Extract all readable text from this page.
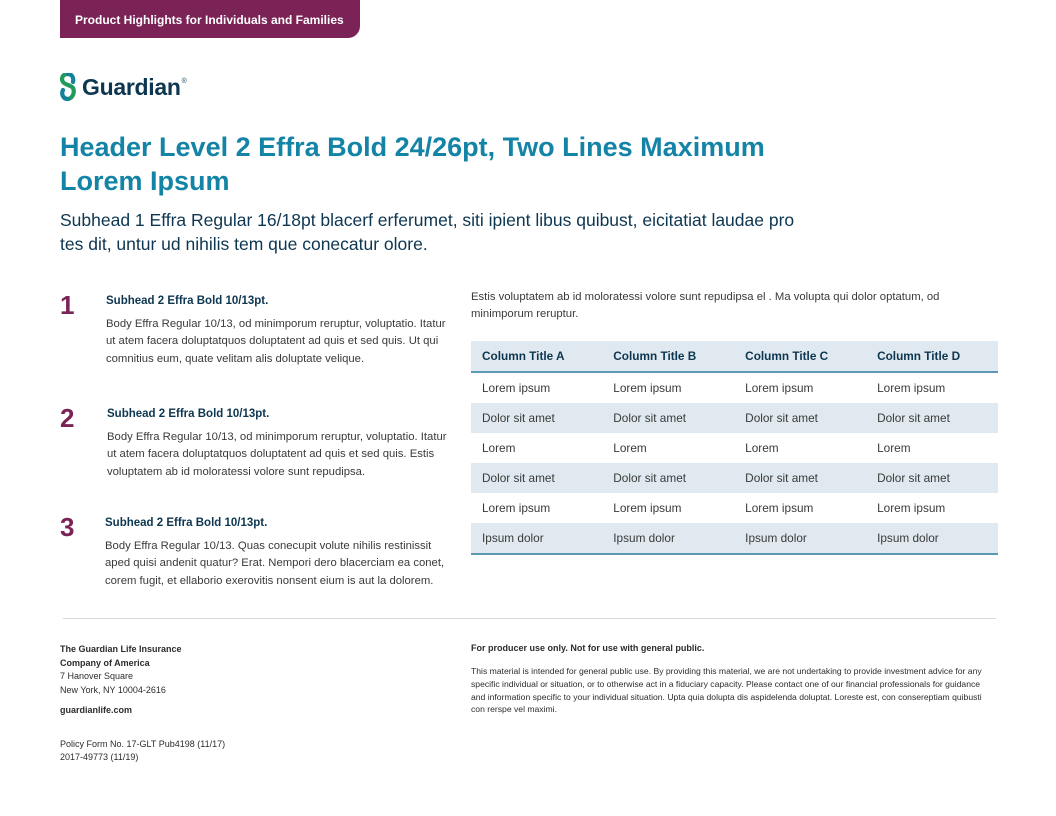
Product Highlights for Individuals and Families
Guardian ®
Header Level 2 Effra Bold 24/26pt, Two Lines Maximum Lorem Ipsum

Subhead 1 Effra Regular 16/18pt blacerf erferumet, siti ipient libus quibust, eicitatiat laudae pro tes dit, untur ud nihilis tem que conecatur olore.

1	Subhead 2 Effra Bold 10/13pt.
Body Effra Regular 10/13, od minimporum reruptur, voluptatio. Itatur ut atem facera doluptatquos doluptatent ad quis et sed quis. Ut qui comnitius eum, quate velitam alis doluptate velique.
2	Subhead 2 Effra Bold 10/13pt.
Body Effra Regular 10/13, od minimporum reruptur, voluptatio. Itatur ut atem facera doluptatquos doluptatent ad quis et sed quis. Estis voluptatem ab id moloratessi volore sunt repudipsa.
3	Subhead 2 Effra Bold 10/13pt.
Body Effra Regular 10/13. Quas conecupit volute nihilis restinissit aped quisi andenit quatur? Erat. Nempori dero blacerciam ea conet, corem fugit, et ellaborio exerovitis nonsent eium is aut la dolorem.

Estis voluptatem ab id moloratessi volore sunt repudipsa el . Ma volupta qui dolor optatum, od minimporum reruptur.

Column Title A	Column Title B	Column Title C	Column Title D
Lorem ipsum	Lorem ipsum	Lorem ipsum	Lorem ipsum
Dolor sit amet	Dolor sit amet	Dolor sit amet	Dolor sit amet
Lorem	Lorem	Lorem	Lorem
Dolor sit amet	Dolor sit amet	Dolor sit amet	Dolor sit amet
Lorem ipsum	Lorem ipsum	Lorem ipsum	Lorem ipsum
Ipsum dolor	Ipsum dolor	Ipsum dolor	Ipsum dolor
The Guardian Life Insurance
Company of America
7 Hanover Square
New York, NY 10004-2616
guardianlife.com
Policy Form No. 17-GLT Pub4198 (11/17)
2017-49773 (11/19)
For producer use only. Not for use with general public.

This material is intended for general public use. By providing this material, we are not undertaking to provide investment advice for any specific individual or situation, or to otherwise act in a fiduciary capacity. Please contact one of our financial professionals for guidance and information specific to your individual situation. Upta quia dolupta dis aspidelenda doluptat. Loreste est, con consereptiam quibusti con rerspe vel maximi.
